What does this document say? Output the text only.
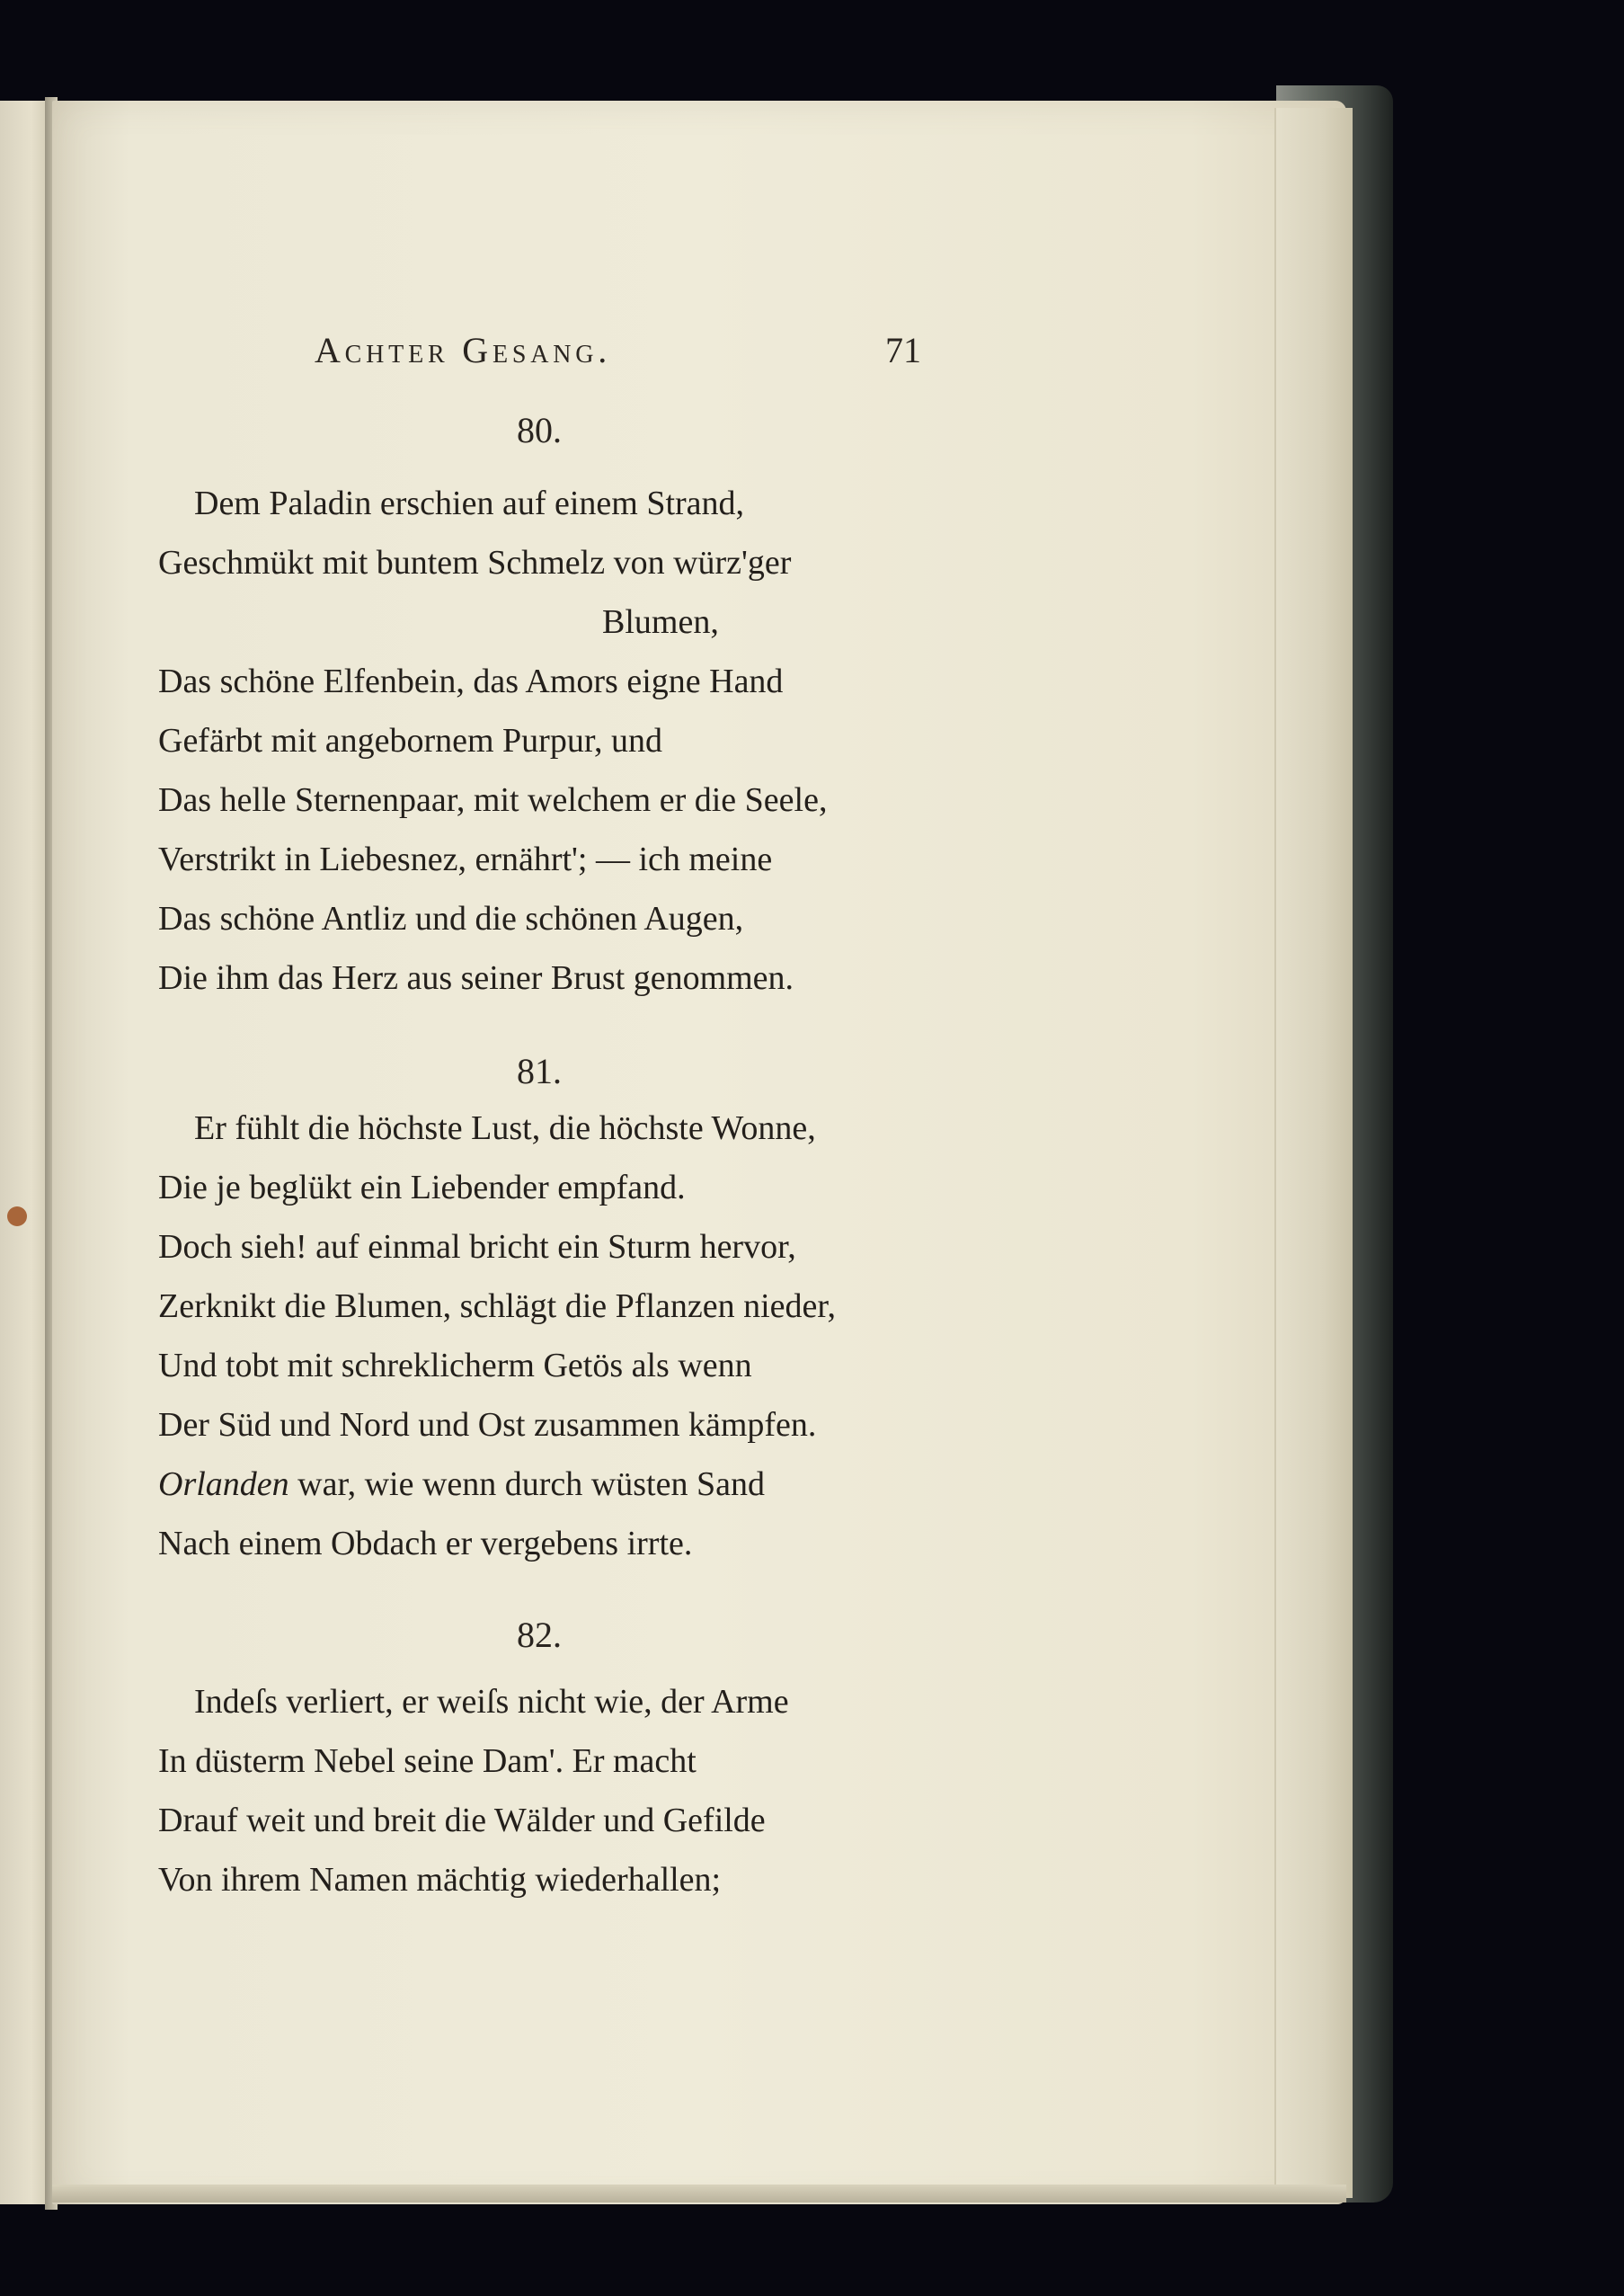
Achter Gesang.	71
80.
Dem Paladin erschien auf einem Strand,
Geschmükt mit buntem Schmelz von würz'ger
Blumen,
Das schöne Elfenbein, das Amors eigne Hand
Gefärbt mit angebornem Purpur, und
Das helle Sternenpaar, mit welchem er die Seele,
Verstrikt in Liebesnez, ernährt'; — ich meine
Das schöne Antliz und die schönen Augen,
Die ihm das Herz aus seiner Brust genommen.
81.
Er fühlt die höchste Lust, die höchste Wonne,
Die je beglükt ein Liebender empfand.
Doch sieh! auf einmal bricht ein Sturm hervor,
Zerknikt die Blumen, schlägt die Pflanzen nieder,
Und tobt mit schreklicherm Getös als wenn
Der Süd und Nord und Ost zusammen kämpfen.
Orlanden war, wie wenn durch wüsten Sand
Nach einem Obdach er vergebens irrte.
82.
Indeſs verliert, er weiſs nicht wie, der Arme
In düsterm Nebel seine Dam'. Er macht
Drauf weit und breit die Wälder und Gefilde
Von ihrem Namen mächtig wiederhallen;
